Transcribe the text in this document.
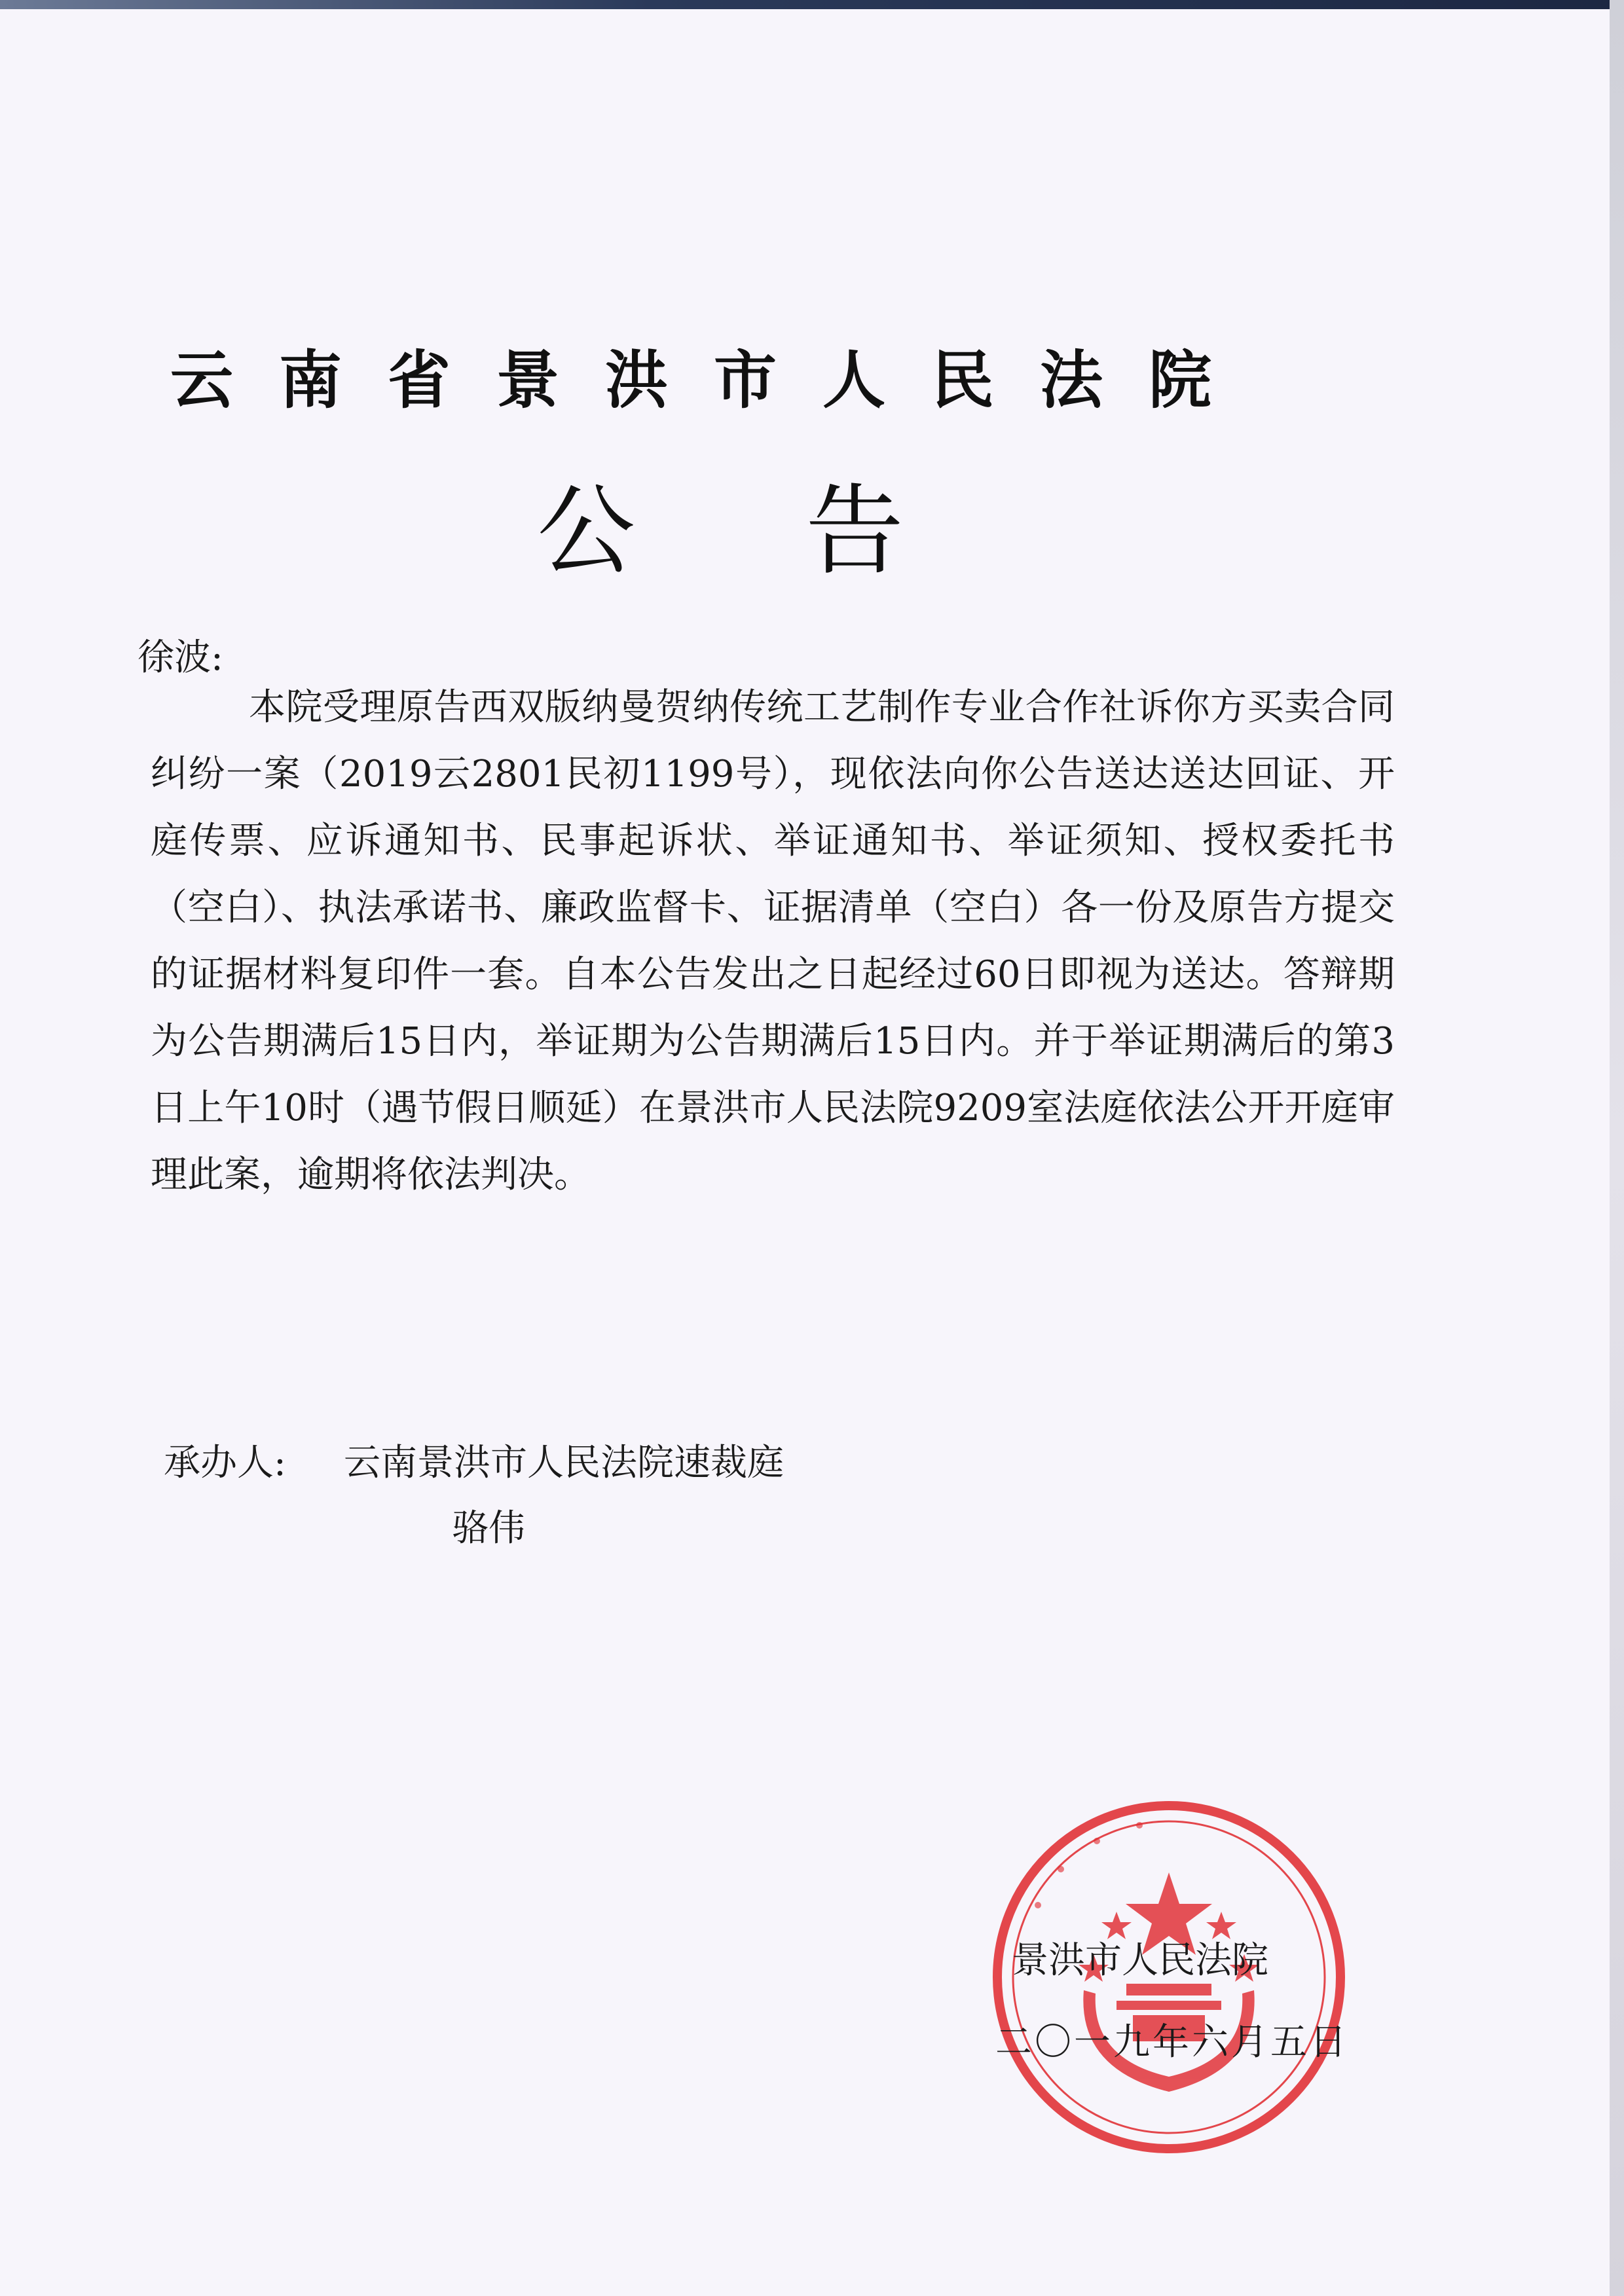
云南省景洪市人民法院
公告
徐波:
本院受理原告西双版纳曼贺纳传统工艺制作专业合作社诉你方买卖合同纠纷一案（2019云2801民初1199号），现依法向你公告送达送达回证、开庭传票、应诉通知书、民事起诉状、举证通知书、举证须知、授权委托书（空白）、执法承诺书、廉政监督卡、证据清单（空白）各一份及原告方提交的证据材料复印件一套。自本公告发出之日起经过60日即视为送达。答辩期为公告期满后15日内，举证期为公告期满后15日内。并于举证期满后的第3日上午10时（遇节假日顺延）在景洪市人民法院9209室法庭依法公开开庭审理此案，逾期将依法判决。
承办人: 云南景洪市人民法院速裁庭
骆伟
景洪市人民法院
二〇一九年六月五日
